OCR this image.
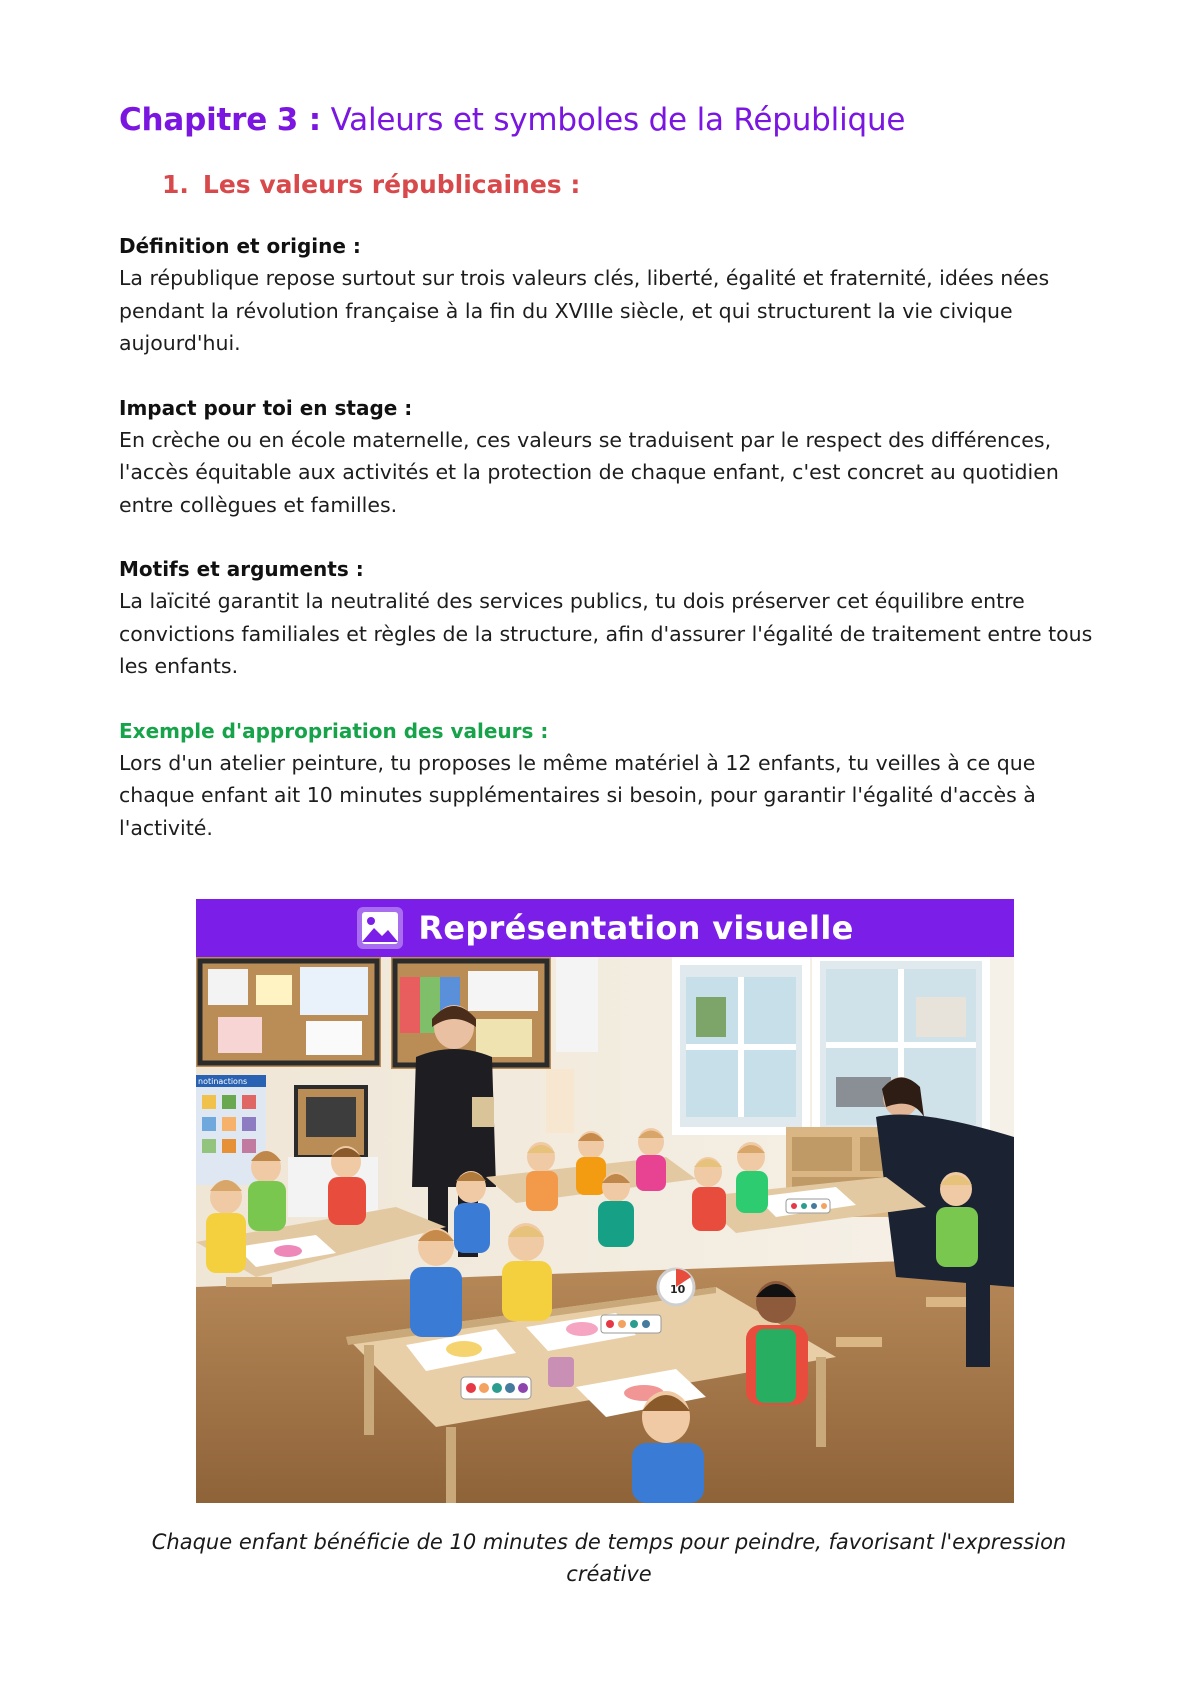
Chapitre 3 : Valeurs et symboles de la République
1. Les valeurs républicaines :

Définition et origine :

La république repose surtout sur trois valeurs clés, liberté, égalité et fraternité, idées nées pendant la révolution française à la fin du XVIIIe siècle, et qui structurent la vie civique aujourd'hui.

Impact pour toi en stage :

En crèche ou en école maternelle, ces valeurs se traduisent par le respect des différences, l'accès équitable aux activités et la protection de chaque enfant, c'est concret au quotidien entre collègues et familles.

Motifs et arguments :

La laïcité garantit la neutralité des services publics, tu dois préserver cet équilibre entre convictions familiales et règles de la structure, afin d'assurer l'égalité de traitement entre tous les enfants.

Exemple d'appropriation des valeurs :

Lors d'un atelier peinture, tu proposes le même matériel à 12 enfants, tu veilles à ce que chaque enfant ait 10 minutes supplémentaires si besoin, pour garantir l'égalité d'accès à l'activité.

Représentation visuelle
notinactions
10

Chaque enfant bénéficie de 10 minutes de temps pour peindre, favorisant l'expression créative
